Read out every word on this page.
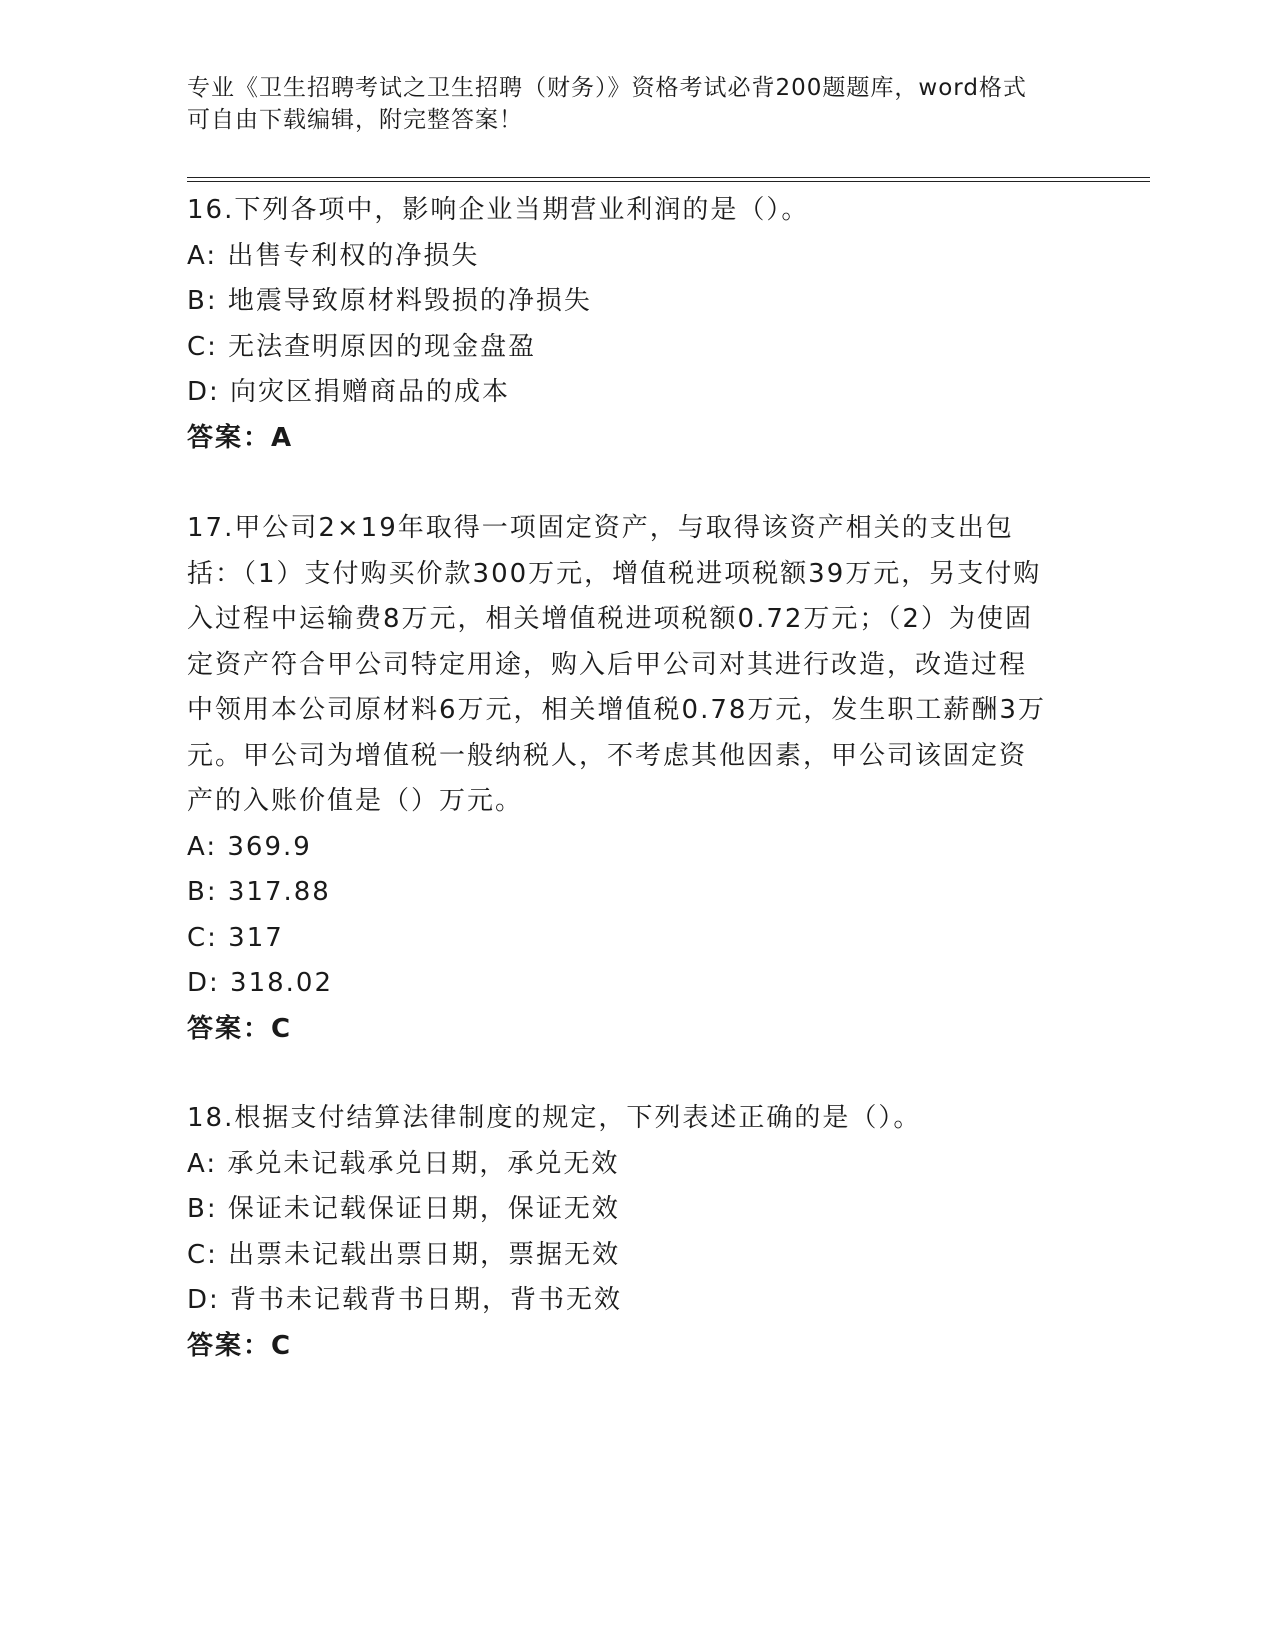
专业《卫生招聘考试之卫生招聘（财务）》资格考试必背200题题库，word格式
可自由下载编辑，附完整答案！

16.下列各项中，影响企业当期营业利润的是（）。

A: 出售专利权的净损失

B: 地震导致原材料毁损的净损失

C: 无法查明原因的现金盘盈

D: 向灾区捐赠商品的成本

答案：A

17.甲公司2×19年取得一项固定资产，与取得该资产相关的支出包括：（1）支付购买价款300万元，增值税进项税额39万元，另支付购入过程中运输费8万元，相关增值税进项税额0.72万元；（2）为使固定资产符合甲公司特定用途，购入后甲公司对其进行改造，改造过程中领用本公司原材料6万元，相关增值税0.78万元，发生职工薪酬3万元。甲公司为增值税一般纳税人，不考虑其他因素，甲公司该固定资产的入账价值是（）万元。

A: 369.9

B: 317.88

C: 317

D: 318.02

答案：C

18.根据支付结算法律制度的规定，下列表述正确的是（）。

A: 承兑未记载承兑日期，承兑无效

B: 保证未记载保证日期，保证无效

C: 出票未记载出票日期，票据无效

D: 背书未记载背书日期，背书无效

答案：C
